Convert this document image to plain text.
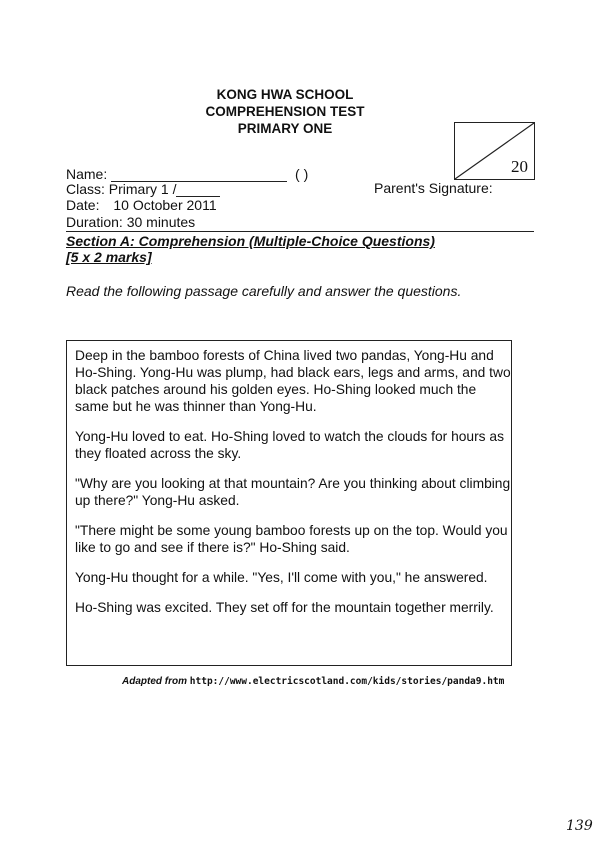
KONG HWA SCHOOL
COMPREHENSION TEST
PRIMARY ONE
20
Name:	( )
Class: Primary 1 /	Parent's Signature:
Date: 10 October 2011
Duration: 30 minutes
Section A: Comprehension (Multiple-Choice Questions)
[5 x 2 marks]
Read the following passage carefully and answer the questions.

Deep in the bamboo forests of China lived two pandas, Yong-Hu and Ho-Shing. Yong-Hu was plump, had black ears, legs and arms, and two black patches around his golden eyes. Ho-Shing looked much the same but he was thinner than Yong-Hu.

Yong-Hu loved to eat. Ho-Shing loved to watch the clouds for hours as they floated across the sky.

"Why are you looking at that mountain? Are you thinking about climbing up there?" Yong-Hu asked.

"There might be some young bamboo forests up on the top. Would you like to go and see if there is?" Ho-Shing said.

Yong-Hu thought for a while. "Yes, I'll come with you," he answered.

Ho-Shing was excited. They set off for the mountain together merrily.

Adapted from http://www.electricscotland.com/kids/stories/panda9.htm
139
